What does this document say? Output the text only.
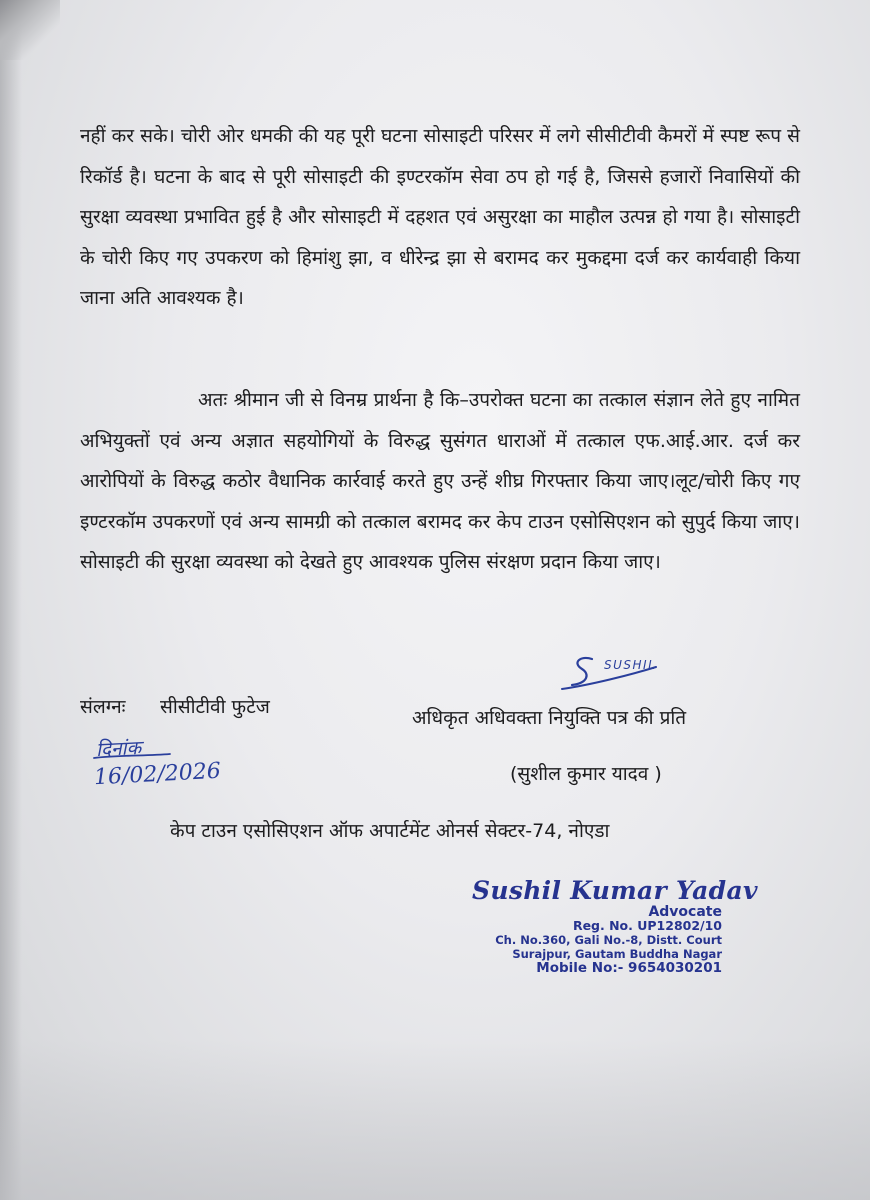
नहीं कर सके। चोरी ओर धमकी की यह पूरी घटना सोसाइटी परिसर में लगे सीसीटीवी कैमरों में स्पष्ट रूप से रिकॉर्ड है। घटना के बाद से पूरी सोसाइटी की इण्टरकॉम सेवा ठप हो गई है, जिससे हजारों निवासियों की सुरक्षा व्यवस्था प्रभावित हुई है और सोसाइटी में दहशत एवं असुरक्षा का माहौल उत्पन्न हो गया है। सोसाइटी के चोरी किए गए उपकरण को हिमांशु झा, व धीरेन्द्र झा से बरामद कर मुकद्दमा दर्ज कर कार्यवाही किया जाना अति आवश्यक है।
अतः श्रीमान जी से विनम्र प्रार्थना है कि–उपरोक्त घटना का तत्काल संज्ञान लेते हुए नामित अभियुक्तों एवं अन्य अज्ञात सहयोगियों के विरुद्ध सुसंगत धाराओं में तत्काल एफ.आई.आर. दर्ज कर आरोपियों के विरुद्ध कठोर वैधानिक कार्रवाई करते हुए उन्हें शीघ्र गिरफ्तार किया जाए।लूट/चोरी किए गए इण्टरकॉम उपकरणों एवं अन्य सामग्री को तत्काल बरामद कर केप टाउन एसोसिएशन को सुपुर्द किया जाए। सोसाइटी की सुरक्षा व्यवस्था को देखते हुए आवश्यक पुलिस संरक्षण प्रदान किया जाए।
SUSHIL
संलग्नः सीसीटीवी फुटेज	अधिकृत अधिवक्ता नियुक्ति पत्र की प्रति
दिनांक
16/02/2026	(सुशील कुमार यादव )
केप टाउन एसोसिएशन ऑफ अपार्टमेंट ओनर्स सेक्टर-74, नोएडा
Sushil Kumar Yadav
Advocate
Reg. No. UP12802/10
Ch. No.360, Gali No.-8, Distt. Court
Surajpur, Gautam Buddha Nagar
Mobile No:- 9654030201
